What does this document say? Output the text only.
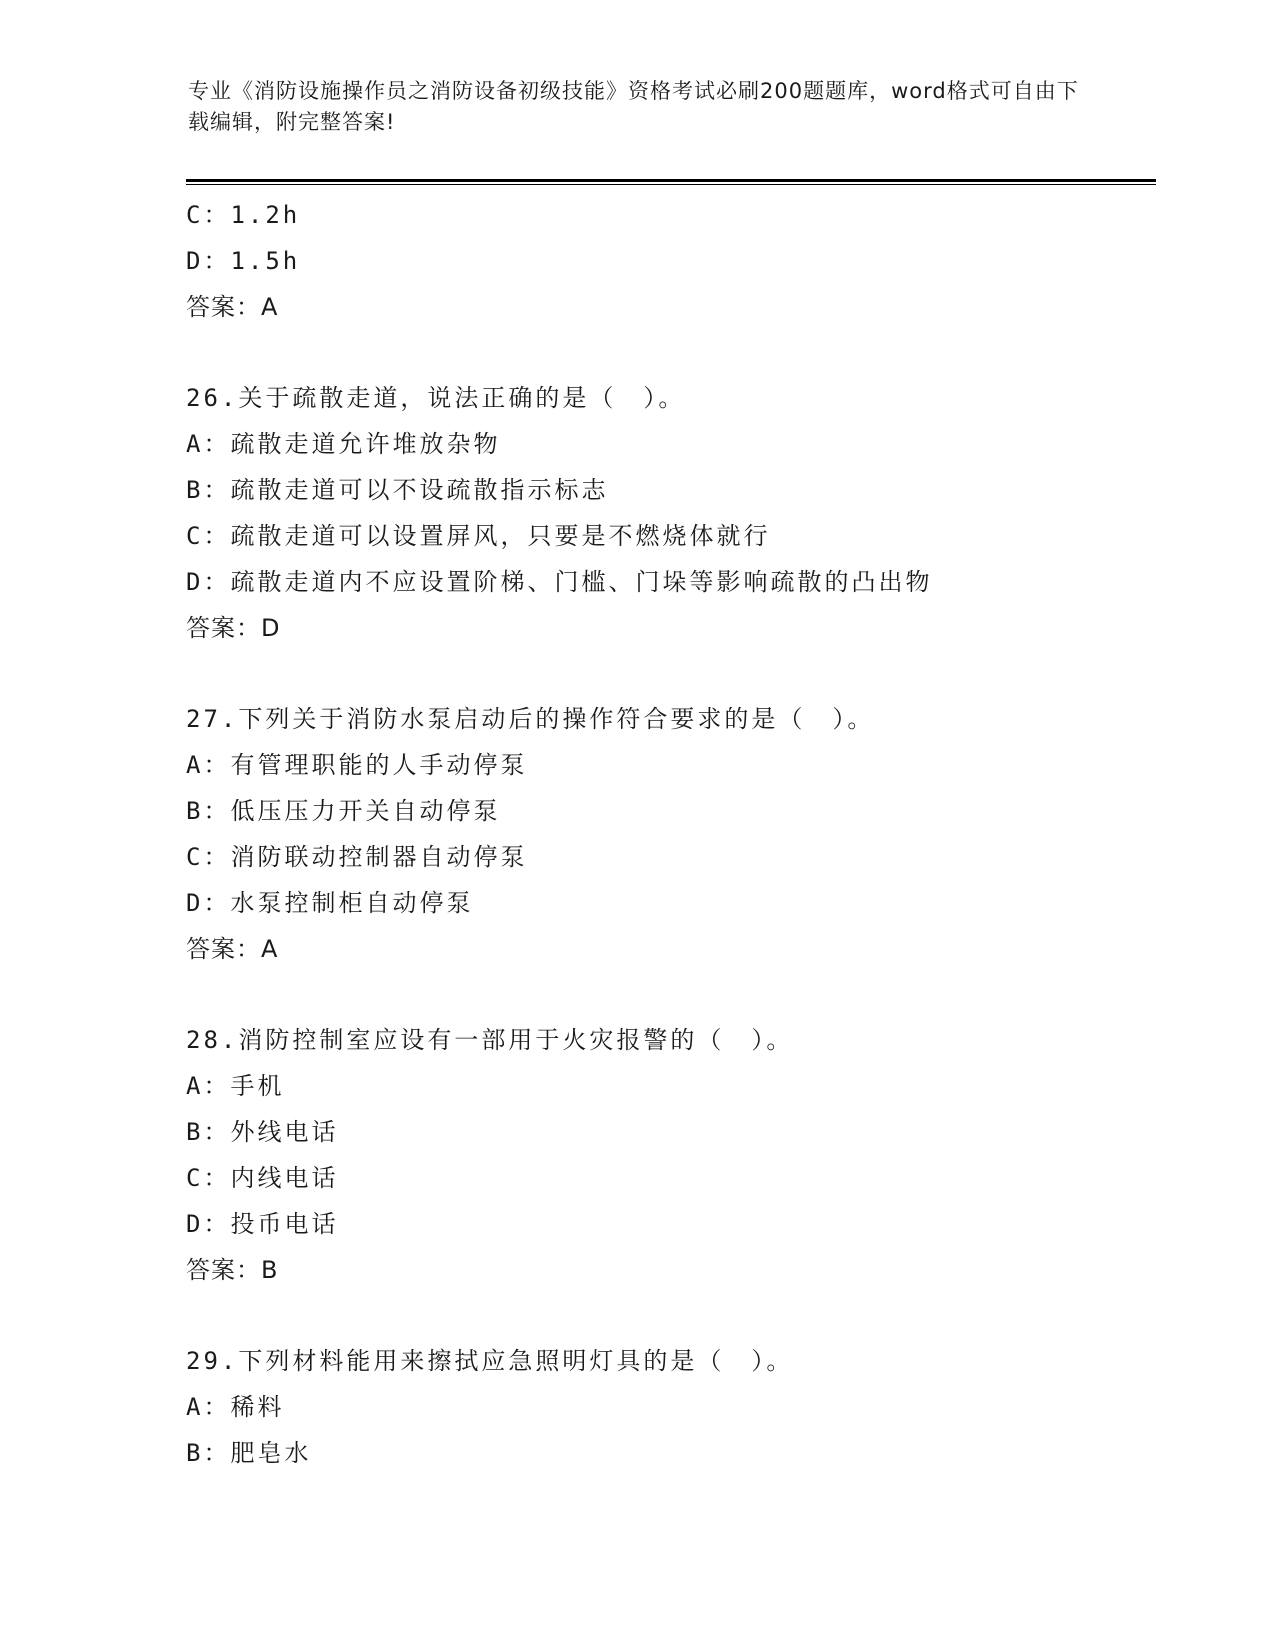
专业《消防设施操作员之消防设备初级技能》资格考试必刷200题题库，word格式可自由下载编辑，附完整答案!
C：1.2h
D：1.5h
答案：A
26.关于疏散走道，说法正确的是（　）。
A：疏散走道允许堆放杂物
B：疏散走道可以不设疏散指示标志
C：疏散走道可以设置屏风，只要是不燃烧体就行
D：疏散走道内不应设置阶梯、门槛、门垛等影响疏散的凸出物
答案：D
27.下列关于消防水泵启动后的操作符合要求的是（　）。
A：有管理职能的人手动停泵
B：低压压力开关自动停泵
C：消防联动控制器自动停泵
D：水泵控制柜自动停泵
答案：A
28.消防控制室应设有一部用于火灾报警的（　）。
A：手机
B：外线电话
C：内线电话
D：投币电话
答案：B
29.下列材料能用来擦拭应急照明灯具的是（　）。
A：稀料
B：肥皂水
